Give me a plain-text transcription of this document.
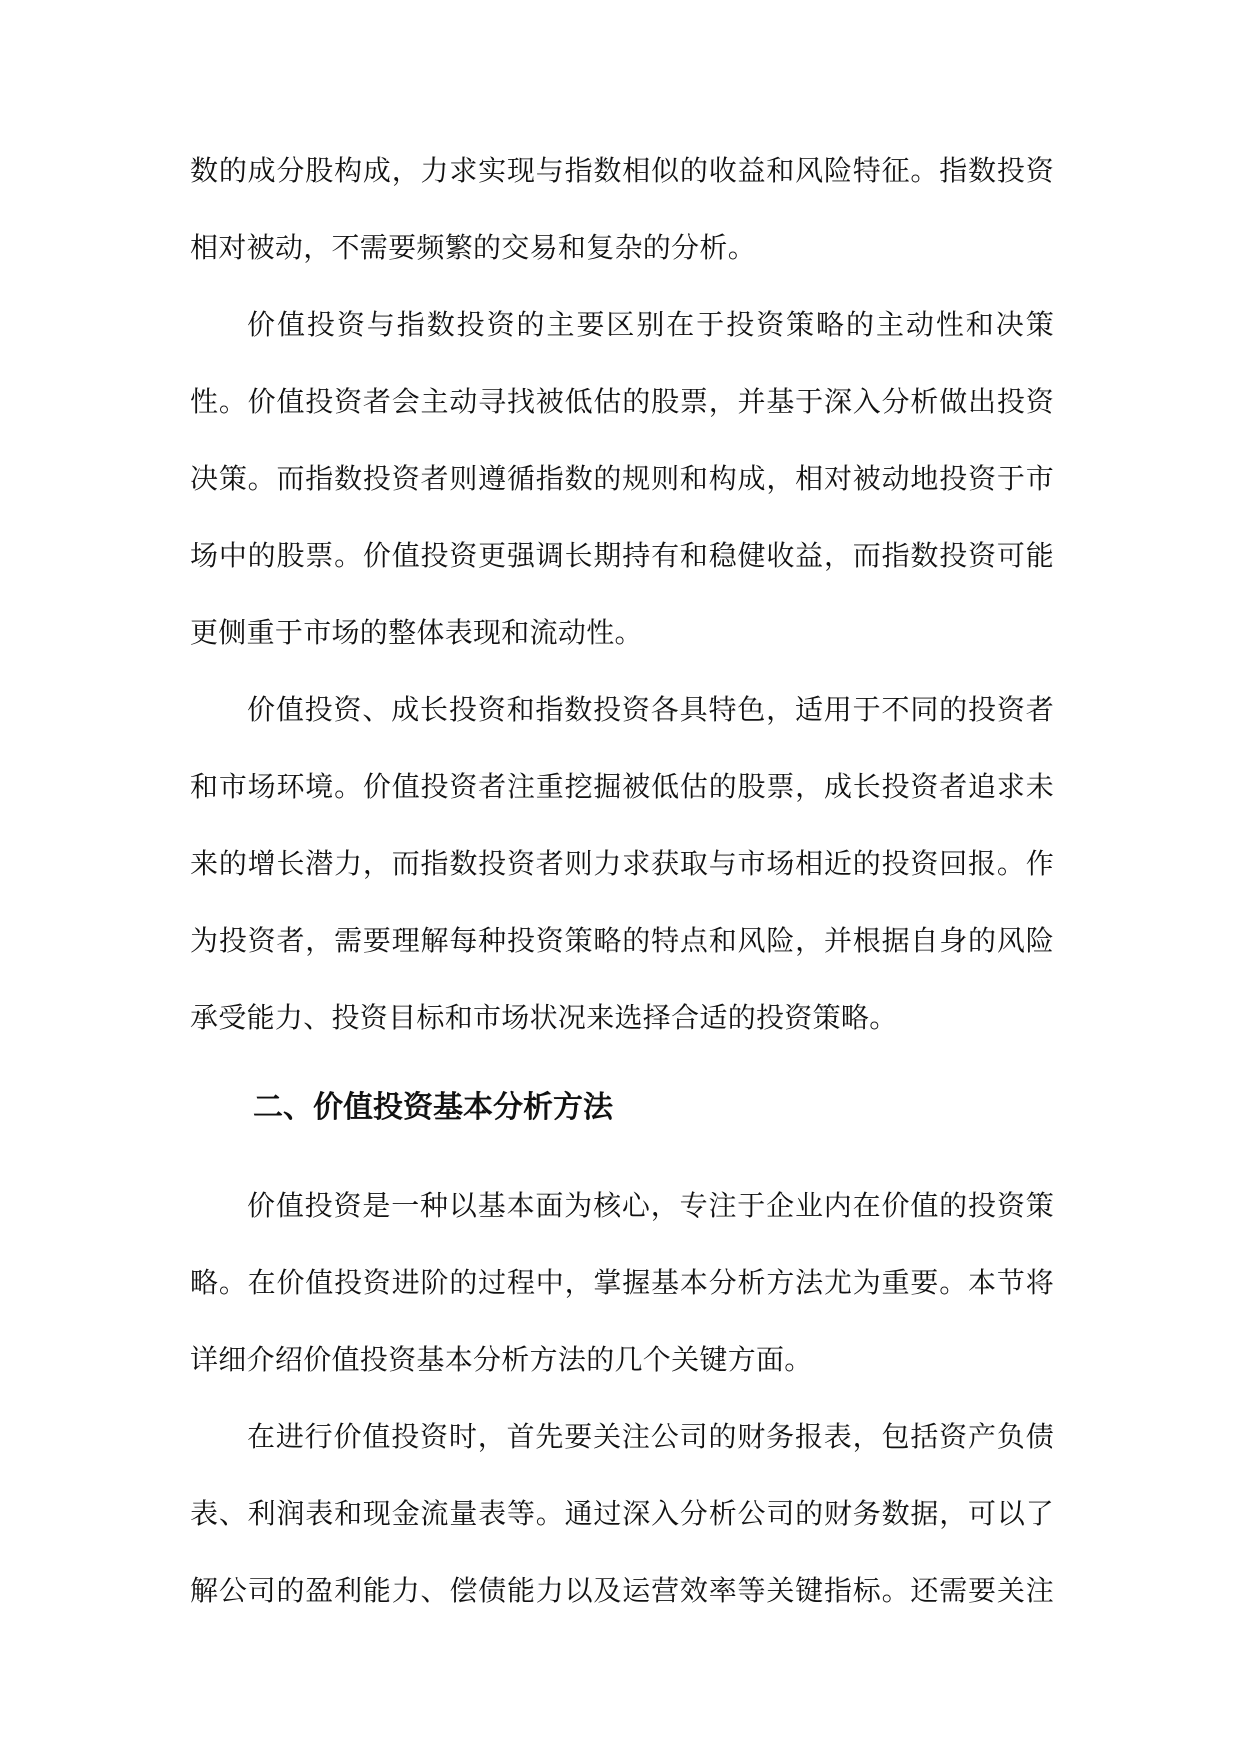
数的成分股构成，力求实现与指数相似的收益和风险特征。指数投资
相对被动，不需要频繁的交易和复杂的分析。
价值投资与指数投资的主要区别在于投资策略的主动性和决策
性。价值投资者会主动寻找被低估的股票，并基于深入分析做出投资
决策。而指数投资者则遵循指数的规则和构成，相对被动地投资于市
场中的股票。价值投资更强调长期持有和稳健收益，而指数投资可能
更侧重于市场的整体表现和流动性。
价值投资、成长投资和指数投资各具特色，适用于不同的投资者
和市场环境。价值投资者注重挖掘被低估的股票，成长投资者追求未
来的增长潜力，而指数投资者则力求获取与市场相近的投资回报。作
为投资者，需要理解每种投资策略的特点和风险，并根据自身的风险
承受能力、投资目标和市场状况来选择合适的投资策略。
二、价值投资基本分析方法
价值投资是一种以基本面为核心，专注于企业内在价值的投资策
略。在价值投资进阶的过程中，掌握基本分析方法尤为重要。本节将
详细介绍价值投资基本分析方法的几个关键方面。
在进行价值投资时，首先要关注公司的财务报表，包括资产负债
表、利润表和现金流量表等。通过深入分析公司的财务数据，可以了
解公司的盈利能力、偿债能力以及运营效率等关键指标。还需要关注
